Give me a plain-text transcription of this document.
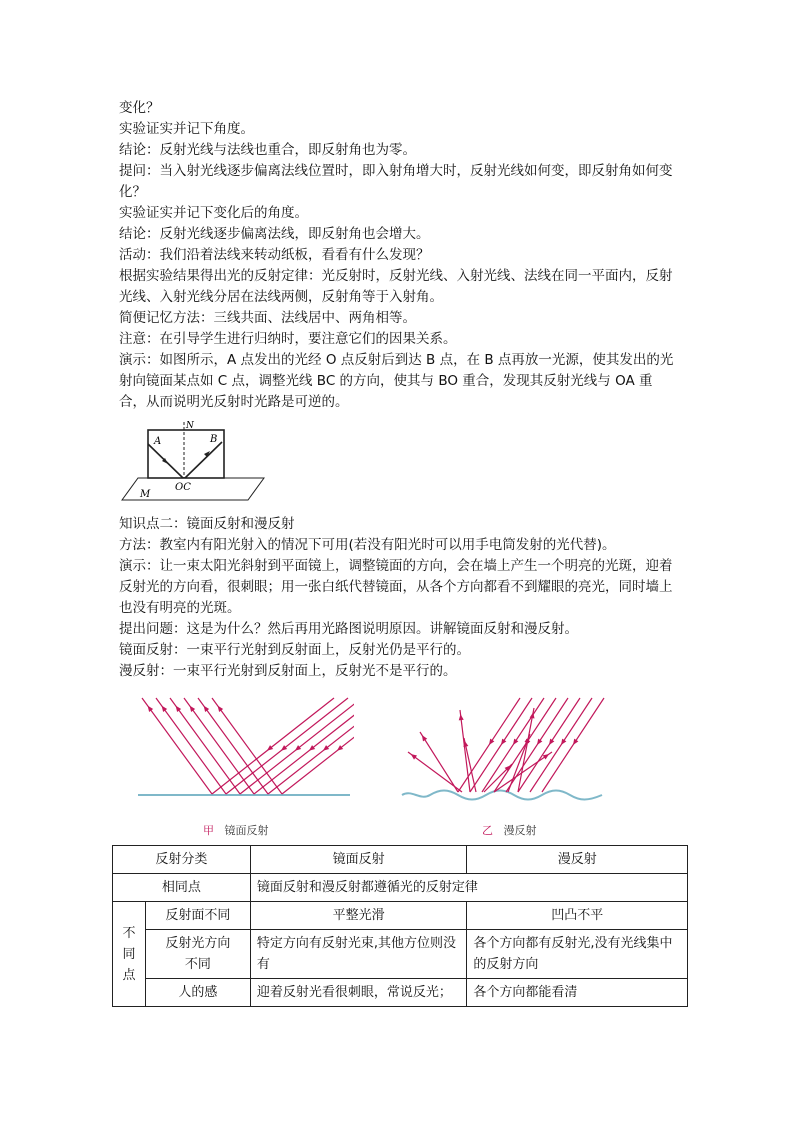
变化？

实验证实并记下角度。

结论：反射光线与法线也重合，即反射角也为零。

提问：当入射光线逐步偏离法线位置时，即入射角增大时，反射光线如何变，即反射角如何变化？

实验证实并记下变化后的角度。

结论：反射光线逐步偏离法线，即反射角也会增大。

活动：我们沿着法线来转动纸板，看看有什么发现？

根据实验结果得出光的反射定律：光反射时，反射光线、入射光线、法线在同一平面内，反射光线、入射光线分居在法线两侧，反射角等于入射角。

简便记忆方法：三线共面、法线居中、两角相等。

注意：在引导学生进行归纳时，要注意它们的因果关系。

演示：如图所示，A 点发出的光经 O 点反射后到达 B 点，在 B 点再放一光源，使其发出的光射向镜面某点如 C 点，调整光线 BC 的方向，使其与 BO 重合，发现其反射光线与 OA 重合，从而说明光反射时光路是可逆的。

A	B
N
OC
M

知识点二：镜面反射和漫反射

方法：教室内有阳光射入的情况下可用(若没有阳光时可以用手电筒发射的光代替)。

演示：让一束太阳光斜射到平面镜上，调整镜面的方向，会在墙上产生一个明亮的光斑，迎着反射光的方向看，很刺眼；用一张白纸代替镜面，从各个方向都看不到耀眼的亮光，同时墙上也没有明亮的光斑。

提出问题：这是为什么？然后再用光路图说明原因。讲解镜面反射和漫反射。

镜面反射：一束平行光射到反射面上，反射光仍是平行的。

漫反射：一束平行光射到反射面上，反射光不是平行的。

甲 镜面反射	乙 漫反射
反射分类		镜面反射	漫反射
相同点		镜面反射和漫反射都遵循光的反射定律	
不
同
点	反射面不同	平整光滑	凹凸不平
	反射光方向不同	特定方向有反射光束,其他方位则没有	各个方向都有反射光,没有光线集中的反射方向
	人的感	迎着反射光看很刺眼，常说反光；	各个方向都能看清
